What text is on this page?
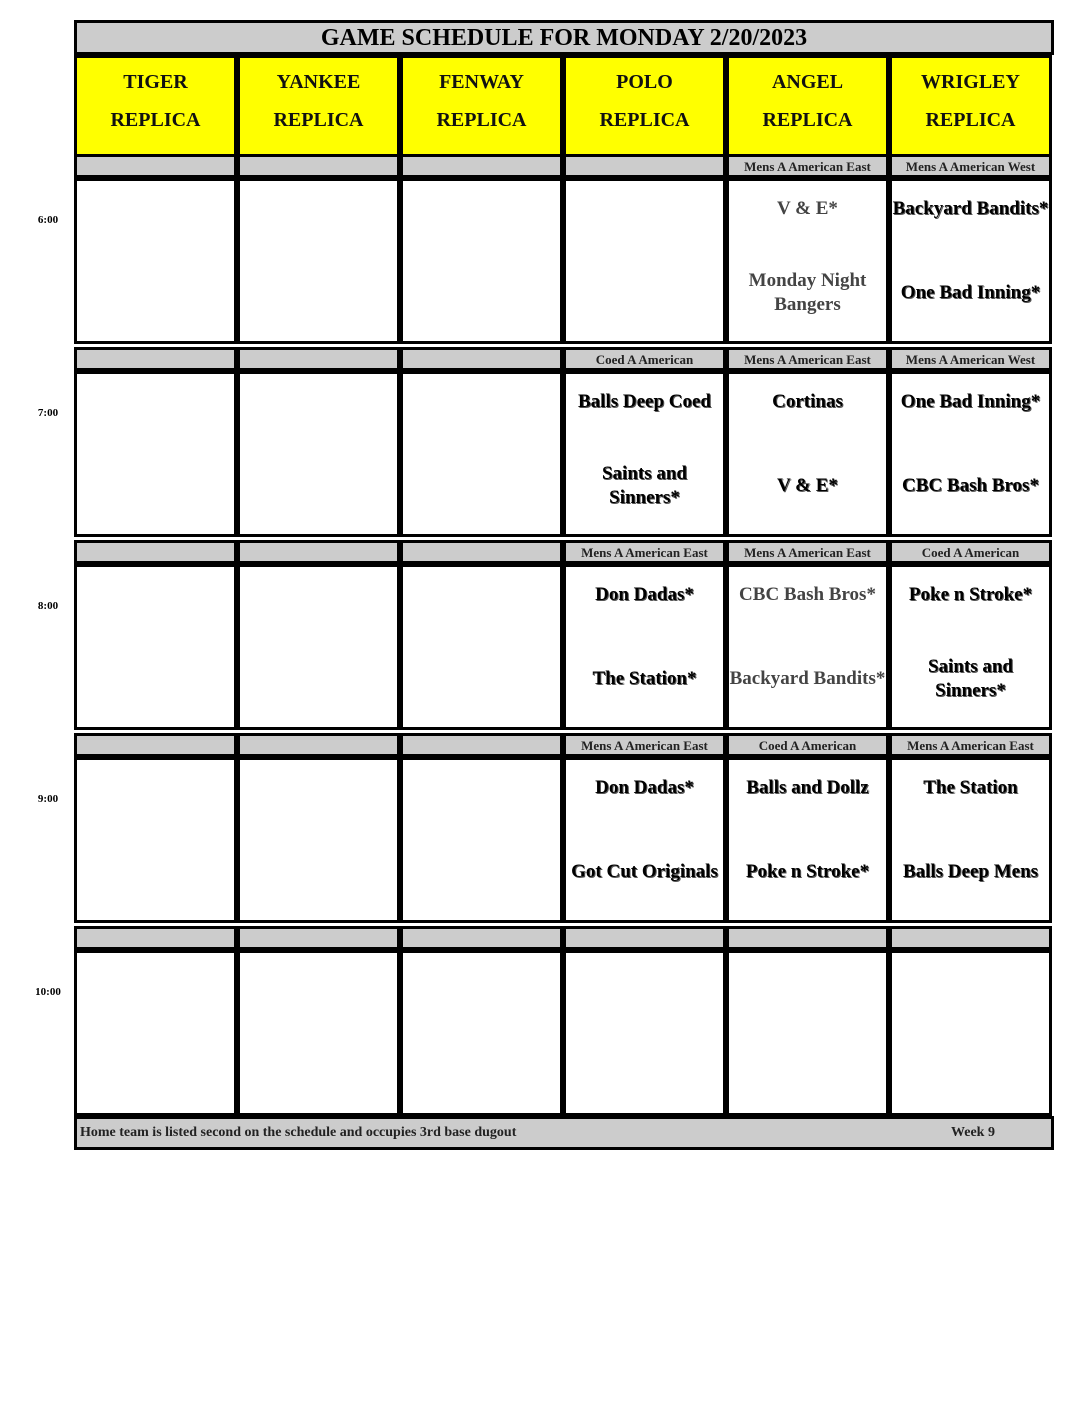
GAME SCHEDULE FOR MONDAY 2/20/2023
TIGER
REPLICA
YANKEE
REPLICA
FENWAY
REPLICA
POLO
REPLICA
ANGEL
REPLICA
WRIGLEY
REPLICA
Mens A American East
V & E*
Monday Night Bangers
Mens A American West
Backyard Bandits*
One Bad Inning*
Coed A American
Balls Deep Coed
Saints and Sinners*
Mens A American East
Cortinas
V & E*
Mens A American West
One Bad Inning*
CBC Bash Bros*
Mens A American East
Don Dadas*
The Station*
Mens A American East
CBC Bash Bros*
Backyard Bandits*
Coed A American
Poke n Stroke*
Saints and Sinners*
Mens A American East
Don Dadas*
Got Cut Originals
Coed A American
Balls and Dollz
Poke n Stroke*
Mens A American East
The Station
Balls Deep Mens
Home team is listed second on the schedule and occupies 3rd base dugout	Week 9
6:00
7:00
8:00
9:00
10:00
